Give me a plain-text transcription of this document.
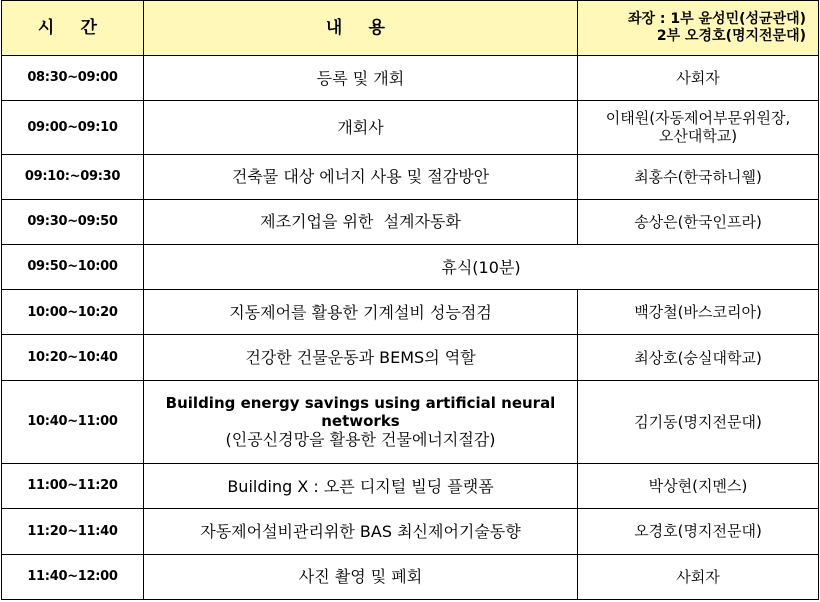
시 간	내 용	좌장 : 1부 윤성민(성균관대)
2부 오경호(명지전문대)

08:30~09:00	등록 및 개회	사회자
09:00~09:10	개회사	이태원(자동제어부문위원장,
오산대학교)

09:10:~09:30	건축물 대상 에너지 사용 및 절감방안	최홍수(한국하니웰)
09:30~09:50	제조기업을 위한  설계자동화	송상은(한국인프라)
09:50~10:00	휴식(10분)	
10:00~10:20	지동제어를 활용한 기계설비 성능점검	백강철(바스코리아)
10:20~10:40	건강한 건물운동과 BEMS의 역할	최상호(숭실대학교)
10:40~11:00	Building energy savings using artificial neural networks
(인공신경망을 활용한 건물에너지절감)	김기동(명지전문대)
11:00~11:20	Building X : 오픈 디지털 빌딩 플랫폼	박상현(지멘스)
11:20~11:40	자동제어설비관리위한 BAS 최신제어기술동향	오경호(명지전문대)
11:40~12:00	사진 촬영 및 폐회	사회자
